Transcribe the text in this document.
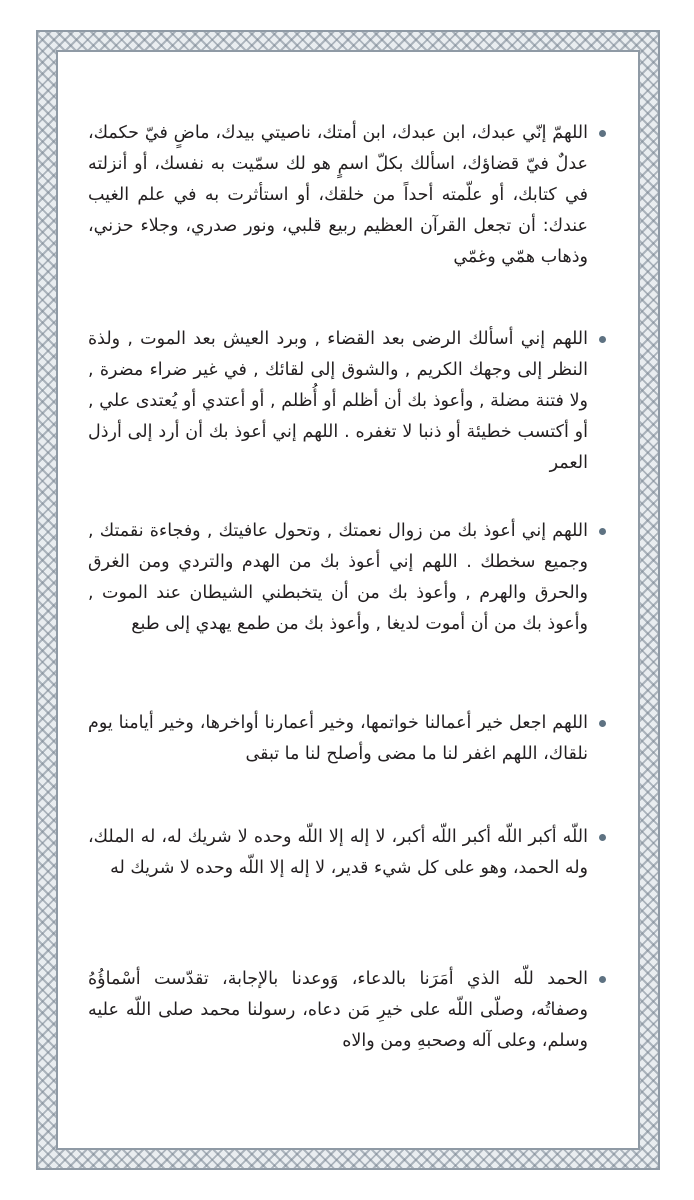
اللهمّ إنّي عبدك، ابن عبدك، ابن أمتك، ناصيتي بيدك، ماضٍ فيّ حكمك، عدلٌ فيّ قضاؤك، اسألك بكلّ اسمٍ هو لك سمّيت به نفسك، أو أنزلته في كتابك، أو علّمته أحداً من خلقك، أو استأثرت به في علم الغيب عندك: أن تجعل القرآن العظيم ربيع قلبي، ونور صدري، وجلاء حزني، وذهاب همّي وغمّي
اللهم إني أسألك الرضى بعد القضاء , وبرد العيش بعد الموت , ولذة النظر إلى وجهك الكريم , والشوق إلى لقائك , في غير ضراء مضرة , ولا فتنة مضلة , وأعوذ بك أن أظلم أو أُظلم , أو أعتدي أو يُعتدى علي , أو أكتسب خطيئة أو ذنبا لا تغفره . اللهم إني أعوذ بك أن أرد إلى أرذل العمر
اللهم إني أعوذ بك من زوال نعمتك , وتحول عافيتك , وفجاءة نقمتك , وجميع سخطك . اللهم إني أعوذ بك من الهدم والتردي ومن الغرق والحرق والهرم , وأعوذ بك من أن يتخبطني الشيطان عند الموت , وأعوذ بك من أن أموت لديغا , وأعوذ بك من طمع يهدي إلى طبع
اللهم اجعل خير أعمالنا خواتمها، وخير أعمارنا أواخرها، وخير أيامنا يوم نلقاك، اللهم اغفر لنا ما مضى وأصلح لنا ما تبقى
اللّه أكبر اللّه أكبر اللّه أكبر، لا إله إلا اللّه وحده لا شريك له، له الملك، وله الحمد، وهو على كل شيء قدير، لا إله إلا اللّه وحده لا شريك له
الحمد للّه الذي أمَرَنا بالدعاء، وَوعدنا بالإجابة، تقدّست أسْماؤُهُ وصفاتُه، وصلّى اللّه على خيرِ مَن دعاه، رسولنا محمد صلى اللّه عليه وسلم، وعلى آله وصحبهِ ومن والاه
